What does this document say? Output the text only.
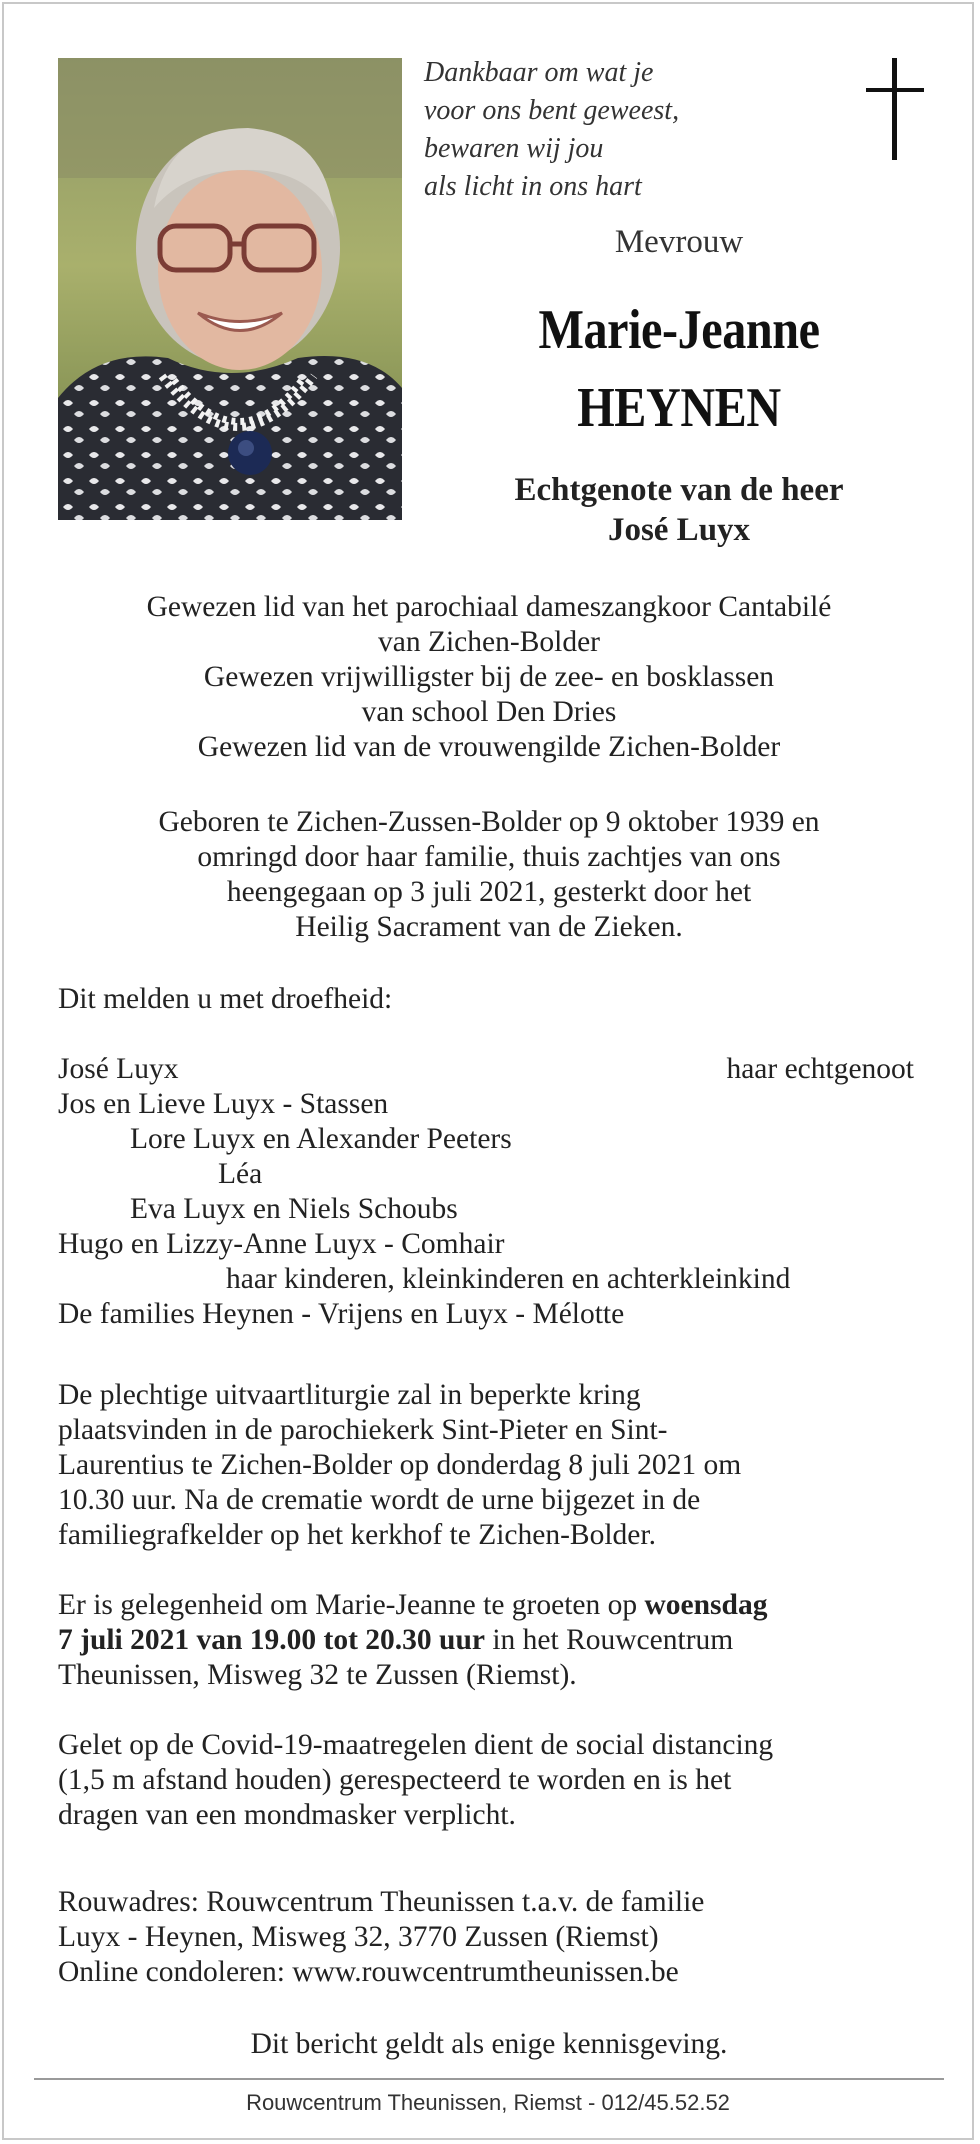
Dankbaar om wat je
voor ons bent geweest,
bewaren wij jou
als licht in ons hart
Mevrouw
Marie-Jeanne
HEYNEN
Echtgenote van de heer
José Luyx
Gewezen lid van het parochiaal dameszangkoor Cantabilé
van Zichen-Bolder
Gewezen vrijwilligster bij de zee- en bosklassen
van school Den Dries
Gewezen lid van de vrouwengilde Zichen-Bolder
Geboren te Zichen-Zussen-Bolder op 9 oktober 1939 en
omringd door haar familie, thuis zachtjes van ons
heengegaan op 3 juli 2021, gesterkt door het
Heilig Sacrament van de Zieken.
Dit melden u met droefheid:
José Luyx	haar echtgenoot
Jos en Lieve Luyx - Stassen
Lore Luyx en Alexander Peeters
Léa
Eva Luyx en Niels Schoubs
Hugo en Lizzy-Anne Luyx - Comhair
haar kinderen, kleinkinderen en achterkleinkind
De families Heynen - Vrijens en Luyx - Mélotte
De plechtige uitvaartliturgie zal in beperkte kring
plaatsvinden in de parochiekerk Sint-Pieter en Sint-
Laurentius te Zichen-Bolder op donderdag 8 juli 2021 om
10.30 uur. Na de crematie wordt de urne bijgezet in de
familiegrafkelder op het kerkhof te Zichen-Bolder.
Er is gelegenheid om Marie-Jeanne te groeten op woensdag
7 juli 2021 van 19.00 tot 20.30 uur in het Rouwcentrum
Theunissen, Misweg 32 te Zussen (Riemst).
Gelet op de Covid-19-maatregelen dient de social distancing
(1,5 m afstand houden) gerespecteerd te worden en is het
dragen van een mondmasker verplicht.
Rouwadres: Rouwcentrum Theunissen t.a.v. de familie
Luyx - Heynen, Misweg 32, 3770 Zussen (Riemst)
Online condoleren: www.rouwcentrumtheunissen.be
Dit bericht geldt als enige kennisgeving.
Rouwcentrum Theunissen, Riemst - 012/45.52.52
